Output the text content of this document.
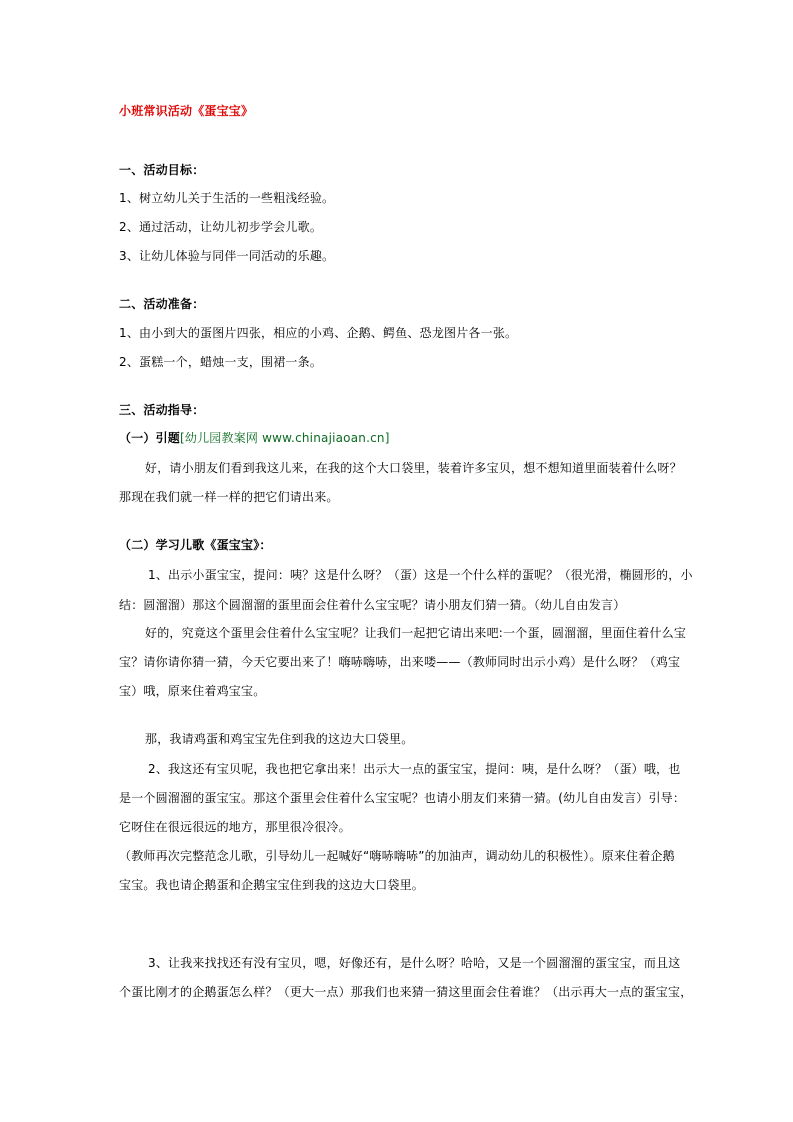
小班常识活动《蛋宝宝》
一、活动目标：
1、树立幼儿关于生活的一些粗浅经验。
2、通过活动，让幼儿初步学会儿歌。
3、让幼儿体验与同伴一同活动的乐趣。
二、活动准备：
1、由小到大的蛋图片四张，相应的小鸡、企鹅、鳄鱼、恐龙图片各一张。
2、蛋糕一个，蜡烛一支，围裙一条。
三、活动指导：
（一）引题[幼儿园教案网 www.chinajiaoan.cn]
好，请小朋友们看到我这儿来，在我的这个大口袋里，装着许多宝贝，想不想知道里面装着什么呀？
那现在我们就一样一样的把它们请出来。
（二）学习儿歌《蛋宝宝》：
1、出示小蛋宝宝，提问：咦？这是什么呀？（蛋）这是一个什么样的蛋呢？（很光滑，椭圆形的，小
结：圆溜溜）那这个圆溜溜的蛋里面会住着什么宝宝呢？请小朋友们猜一猜。（幼儿自由发言）
好的，究竟这个蛋里会住着什么宝宝呢？让我们一起把它请出来吧:一个蛋，圆溜溜，里面住着什么宝
宝？请你请你猜一猜，今天它要出来了！嗨哧嗨哧，出来喽——（教师同时出示小鸡）是什么呀？（鸡宝
宝）哦，原来住着鸡宝宝。
那，我请鸡蛋和鸡宝宝先住到我的这边大口袋里。
2、我这还有宝贝呢，我也把它拿出来！出示大一点的蛋宝宝，提问：咦，是什么呀？（蛋）哦，也
是一个圆溜溜的蛋宝宝。那这个蛋里会住着什么宝宝呢？也请小朋友们来猜一猜。(幼儿自由发言）引导：
它呀住在很远很远的地方，那里很冷很冷。
（教师再次完整范念儿歌，引导幼儿一起喊好“嗨哧嗨哧”的加油声，调动幼儿的积极性）。原来住着企鹅
宝宝。我也请企鹅蛋和企鹅宝宝住到我的这边大口袋里。
3、让我来找找还有没有宝贝，嗯，好像还有，是什么呀？哈哈，又是一个圆溜溜的蛋宝宝，而且这
个蛋比刚才的企鹅蛋怎么样？（更大一点）那我们也来猜一猜这里面会住着谁？（出示再大一点的蛋宝宝，
